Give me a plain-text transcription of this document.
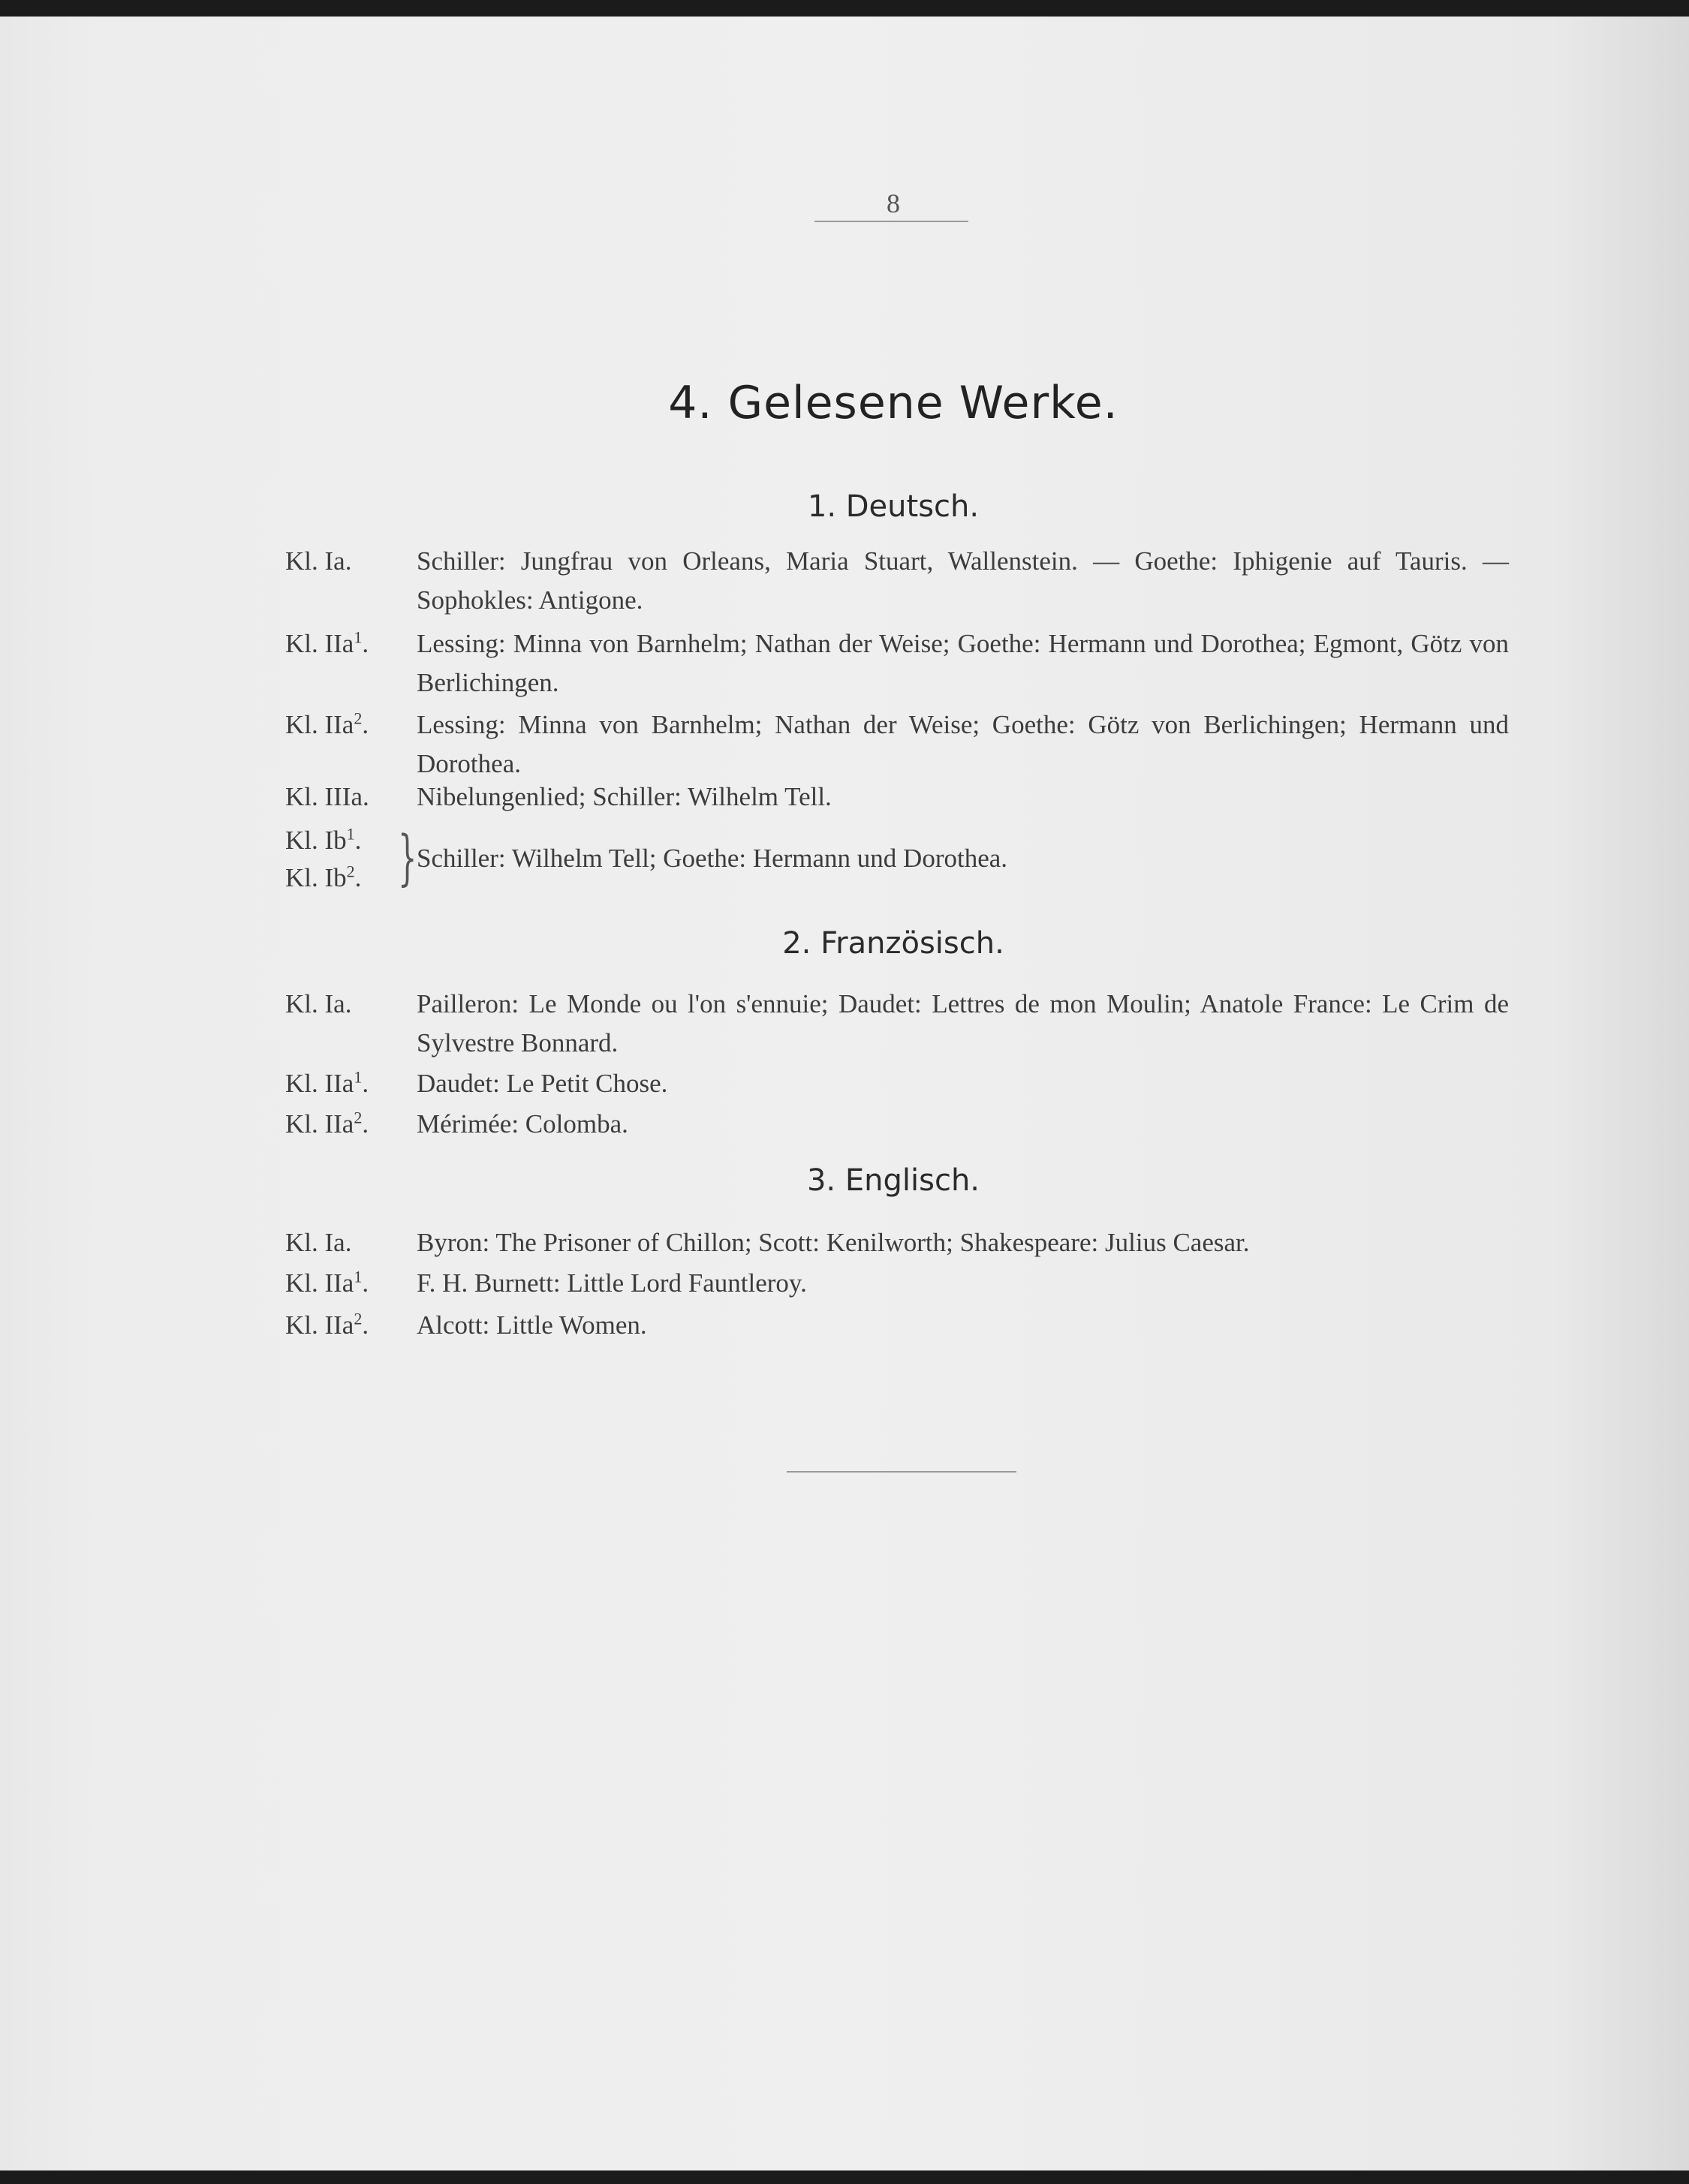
8
4. Gelesene Werke.
1. Deutsch.
Kl. Ia.	Schiller: Jungfrau von Orleans, Maria Stuart, Wallenstein. — Goethe: Iphigenie auf Tauris. — Sophokles: Antigone.
Kl. IIa$^1$.	Lessing: Minna von Barnhelm; Nathan der Weise; Goethe: Hermann und Dorothea; Egmont, Götz von Berlichingen.
Kl. IIa$^2$.	Lessing: Minna von Barnhelm; Nathan der Weise; Goethe: Götz von Berlichingen; Hermann und Dorothea.
Kl. IIIa.	Nibelungenlied; Schiller: Wilhelm Tell.
Kl. Ib$^1$.
Kl. Ib$^2$. } Schiller: Wilhelm Tell; Goethe: Hermann und Dorothea.
2. Französisch.
Kl. Ia.	Pailleron: Le Monde ou l'on s'ennuie; Daudet: Lettres de mon Moulin; Anatole France: Le Crim de Sylvestre Bonnard.
Kl. IIa$^1$.	Daudet: Le Petit Chose.
Kl. IIa$^2$.	Mérimée: Colomba.
3. Englisch.
Kl. Ia.	Byron: The Prisoner of Chillon; Scott: Kenilworth; Shakespeare: Julius Caesar.
Kl. IIa$^1$.	F. H. Burnett: Little Lord Fauntleroy.
Kl. IIa$^2$.	Alcott: Little Women.
